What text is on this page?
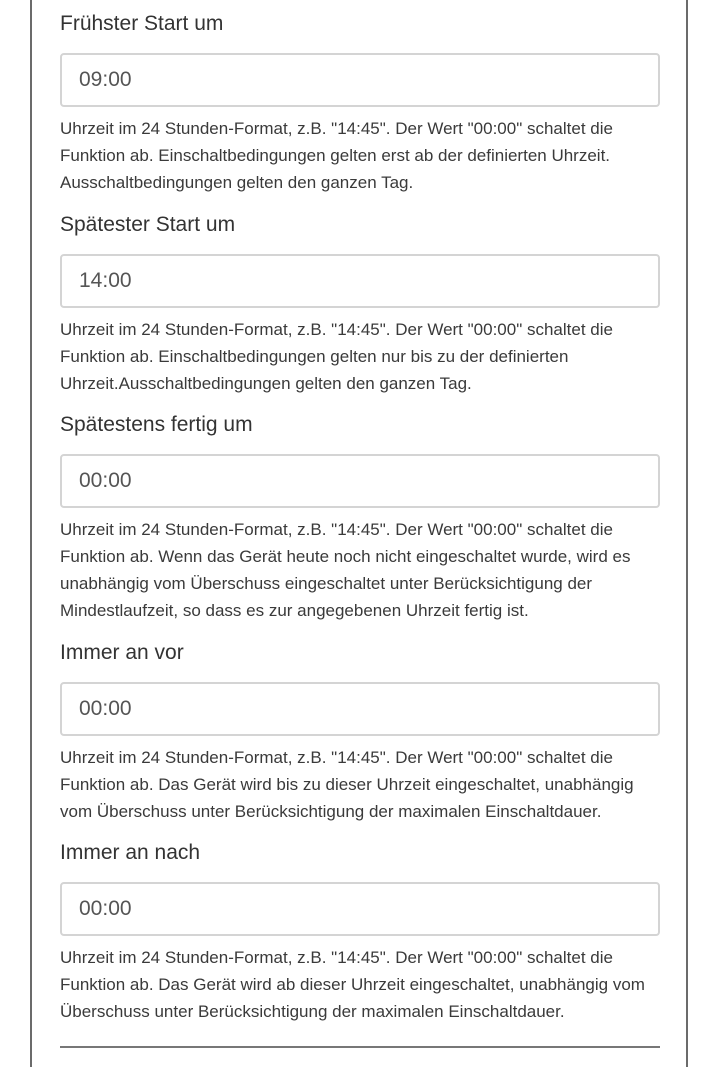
Frühster Start um
09:00
Uhrzeit im 24 Stunden-Format, z.B. "14:45". Der Wert "00:00" schaltet die Funktion ab. Einschaltbedingungen gelten erst ab der definierten Uhrzeit. Ausschaltbedingungen gelten den ganzen Tag.
Spätester Start um
14:00
Uhrzeit im 24 Stunden-Format, z.B. "14:45". Der Wert "00:00" schaltet die Funktion ab. Einschaltbedingungen gelten nur bis zu der definierten Uhrzeit.Ausschaltbedingungen gelten den ganzen Tag.
Spätestens fertig um
00:00
Uhrzeit im 24 Stunden-Format, z.B. "14:45". Der Wert "00:00" schaltet die Funktion ab. Wenn das Gerät heute noch nicht eingeschaltet wurde, wird es unabhängig vom Überschuss eingeschaltet unter Berücksichtigung der Mindestlaufzeit, so dass es zur angegebenen Uhrzeit fertig ist.
Immer an vor
00:00
Uhrzeit im 24 Stunden-Format, z.B. "14:45". Der Wert "00:00" schaltet die Funktion ab. Das Gerät wird bis zu dieser Uhrzeit eingeschaltet, unabhängig vom Überschuss unter Berücksichtigung der maximalen Einschaltdauer.
Immer an nach
00:00
Uhrzeit im 24 Stunden-Format, z.B. "14:45". Der Wert "00:00" schaltet die Funktion ab. Das Gerät wird ab dieser Uhrzeit eingeschaltet, unabhängig vom Überschuss unter Berücksichtigung der maximalen Einschaltdauer.
